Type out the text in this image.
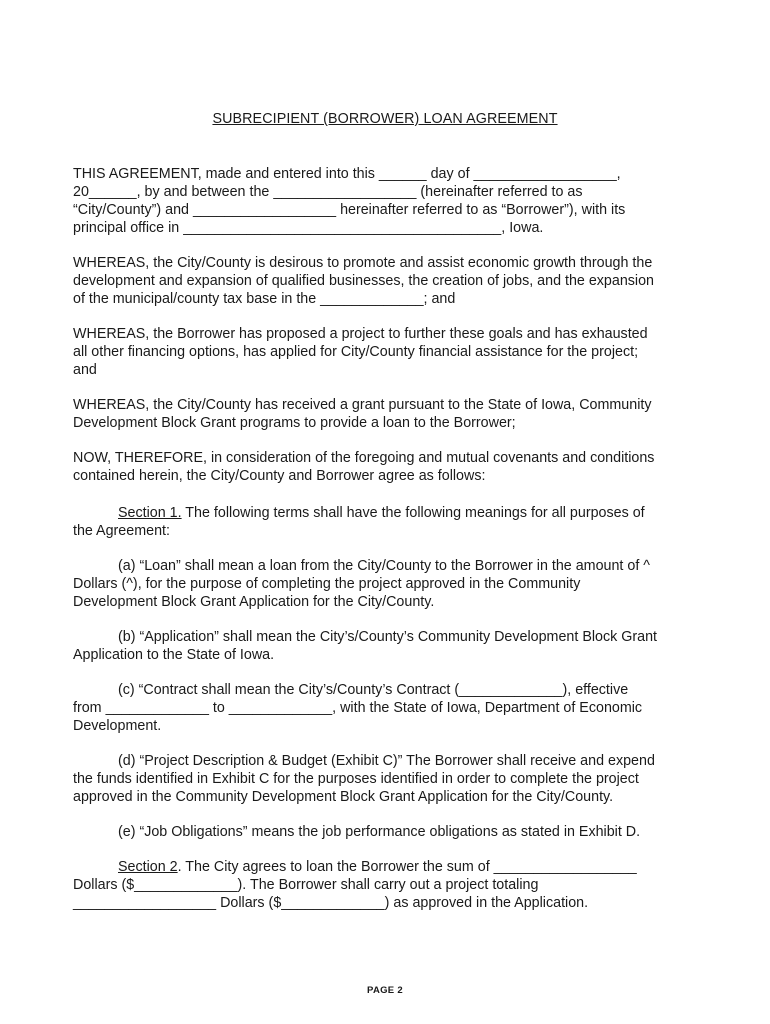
SUBRECIPIENT (BORROWER) LOAN AGREEMENT

THIS AGREEMENT, made and entered into this ______ day of __________________,
20______, by and between the __________________ (hereinafter referred to as
“City/County”) and __________________ hereinafter referred to as “Borrower”), with its
principal office in ________________________________________, Iowa.

WHEREAS, the City/County is desirous to promote and assist economic growth through the
development and expansion of qualified businesses, the creation of jobs, and the expansion
of the municipal/county tax base in the _____________; and

WHEREAS, the Borrower has proposed a project to further these goals and has exhausted
all other financing options, has applied for City/County financial assistance for the project;
and

WHEREAS, the City/County has received a grant pursuant to the State of Iowa, Community
Development Block Grant programs to provide a loan to the Borrower;

NOW, THEREFORE, in consideration of the foregoing and mutual covenants and conditions
contained herein, the City/County and Borrower agree as follows:

Section 1. The following terms shall have the following meanings for all purposes of
the Agreement:

(a) “Loan” shall mean a loan from the City/County to the Borrower in the amount of ^
Dollars (^), for the purpose of completing the project approved in the Community
Development Block Grant Application for the City/County.

(b) “Application” shall mean the City’s/County’s Community Development Block Grant
Application to the State of Iowa.

(c) “Contract shall mean the City’s/County’s Contract (_____________), effective
from _____________ to _____________, with the State of Iowa, Department of Economic
Development.

(d) “Project Description & Budget (Exhibit C)” The Borrower shall receive and expend
the funds identified in Exhibit C for the purposes identified in order to complete the project
approved in the Community Development Block Grant Application for the City/County.

(e) “Job Obligations” means the job performance obligations as stated in Exhibit D.

Section 2. The City agrees to loan the Borrower the sum of __________________
Dollars ($_____________). The Borrower shall carry out a project totaling
__________________ Dollars ($_____________) as approved in the Application.

PAGE 2
